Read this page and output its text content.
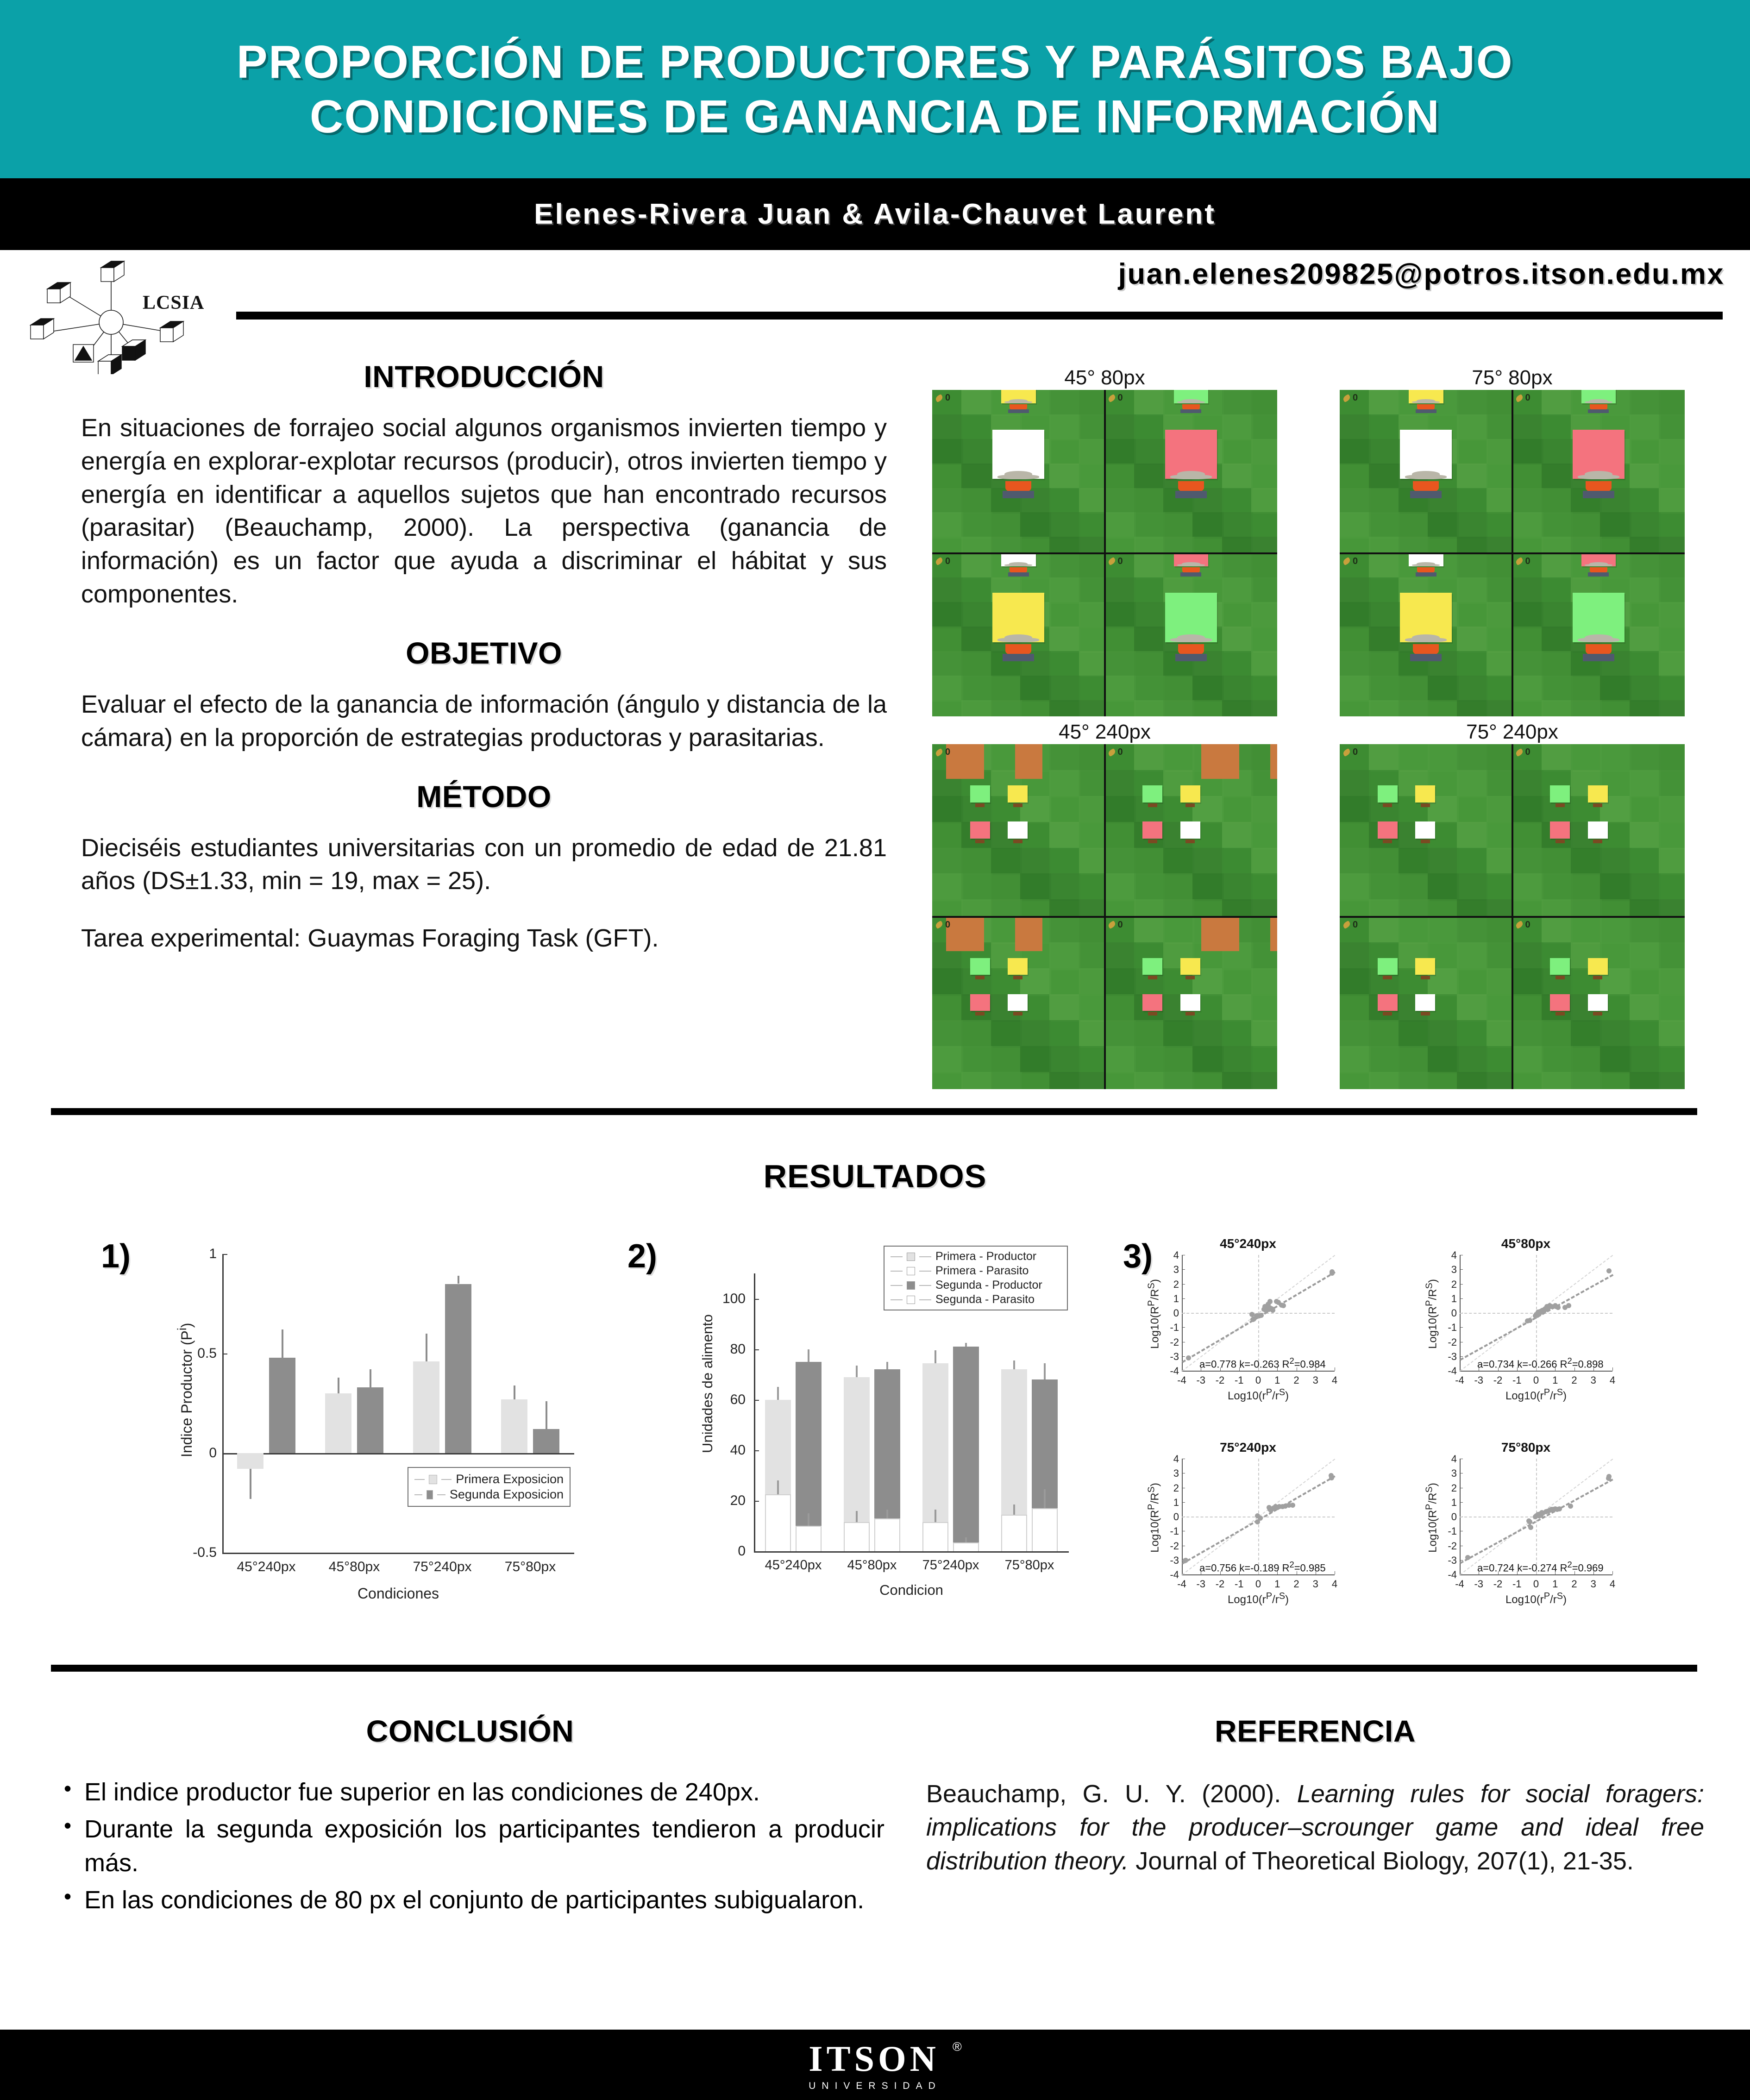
PROPORCIÓN DE PRODUCTORES Y PARÁSITOS BAJO
CONDICIONES DE GANANCIA DE INFORMACIÓN
Elenes-Rivera Juan & Avila-Chauvet Laurent
juan.elenes209825@potros.itson.edu.mx
LCSIA
INTRODUCCIÓN
En situaciones de forrajeo social algunos organismos invierten tiempo y energía en explorar-explotar recursos (producir), otros invierten tiempo y energía en identificar a aquellos sujetos que han encontrado recursos (parasitar) (Beauchamp, 2000). La perspectiva (ganancia de información) es un factor que ayuda a discriminar el hábitat y sus componentes.
OBJETIVO
Evaluar el efecto de la ganancia de información (ángulo y distancia de la cámara) en la proporción de estrategias productoras y parasitarias.
MÉTODO
Dieciséis estudiantes universitarias con un promedio de edad de 21.81 años (DS±1.33, min = 19, max = 25).
Tarea experimental: Guaymas Foraging Task (GFT).
45° 80px
0	0
0	0
75° 80px
0	0
0	0
45° 240px
0	0
0	0
75° 240px
0	0
0	0
RESULTADOS
1)	2)	3)
-0.5
0
0.5
1
Indice Productor $(P^i)$
45°240px	45°80px	75°240px	75°80px
Condiciones
Primera Exposicion
Segunda Exposicion
0
20
40
60
80
100
Unidades de alimento
45°240px	45°80px	75°240px	75°80px
Condicion
Primera - Productor
Primera - Parasito
Segunda - Productor
Segunda - Parasito
45°240px
-4
-3
-2
-1
0
1
2
3
4
-4 -3 -2 -1	0	1	2	3	4
a=0.778 k=-0.263 $R^2=0.984$
$Log10(r^P/r^S)$
$Log10(R^P/R^S)$
45°80px
-4
-3
-2
-1
0
1
2
3
4
-4 -3 -2 -1	0	1	2	3	4
a=0.734 k=-0.266 $R^2=0.898$
$Log10(r^P/r^S)$
$Log10(R^P/R^S)$
75°240px
-4
-3
-2
-1
0
1
2
3
4
-4 -3 -2 -1	0	1	2	3	4
a=0.756 k=-0.189 $R^2=0.985$
$Log10(r^P/r^S)$
$Log10(R^P/R^S)$
75°80px
-4
-3
-2
-1
0
1
2
3
4
-4 -3 -2 -1	0	1	2	3	4
a=0.724 k=-0.274 $R^2=0.969$
$Log10(r^P/r^S)$
$Log10(R^P/R^S)$
CONCLUSIÓN
• El indice productor fue superior en las condiciones de 240px.
• Durante la segunda exposición los participantes tendieron a producir más.
• En las condiciones de 80 px el conjunto de participantes subigualaron.
REFERENCIA
Beauchamp, G. U. Y. (2000). Learning rules for social foragers: implications for the producer–scrounger game and ideal free distribution theory. Journal of Theoretical Biology, 207(1), 21-35.
ITSON
UNIVERSIDAD
®
